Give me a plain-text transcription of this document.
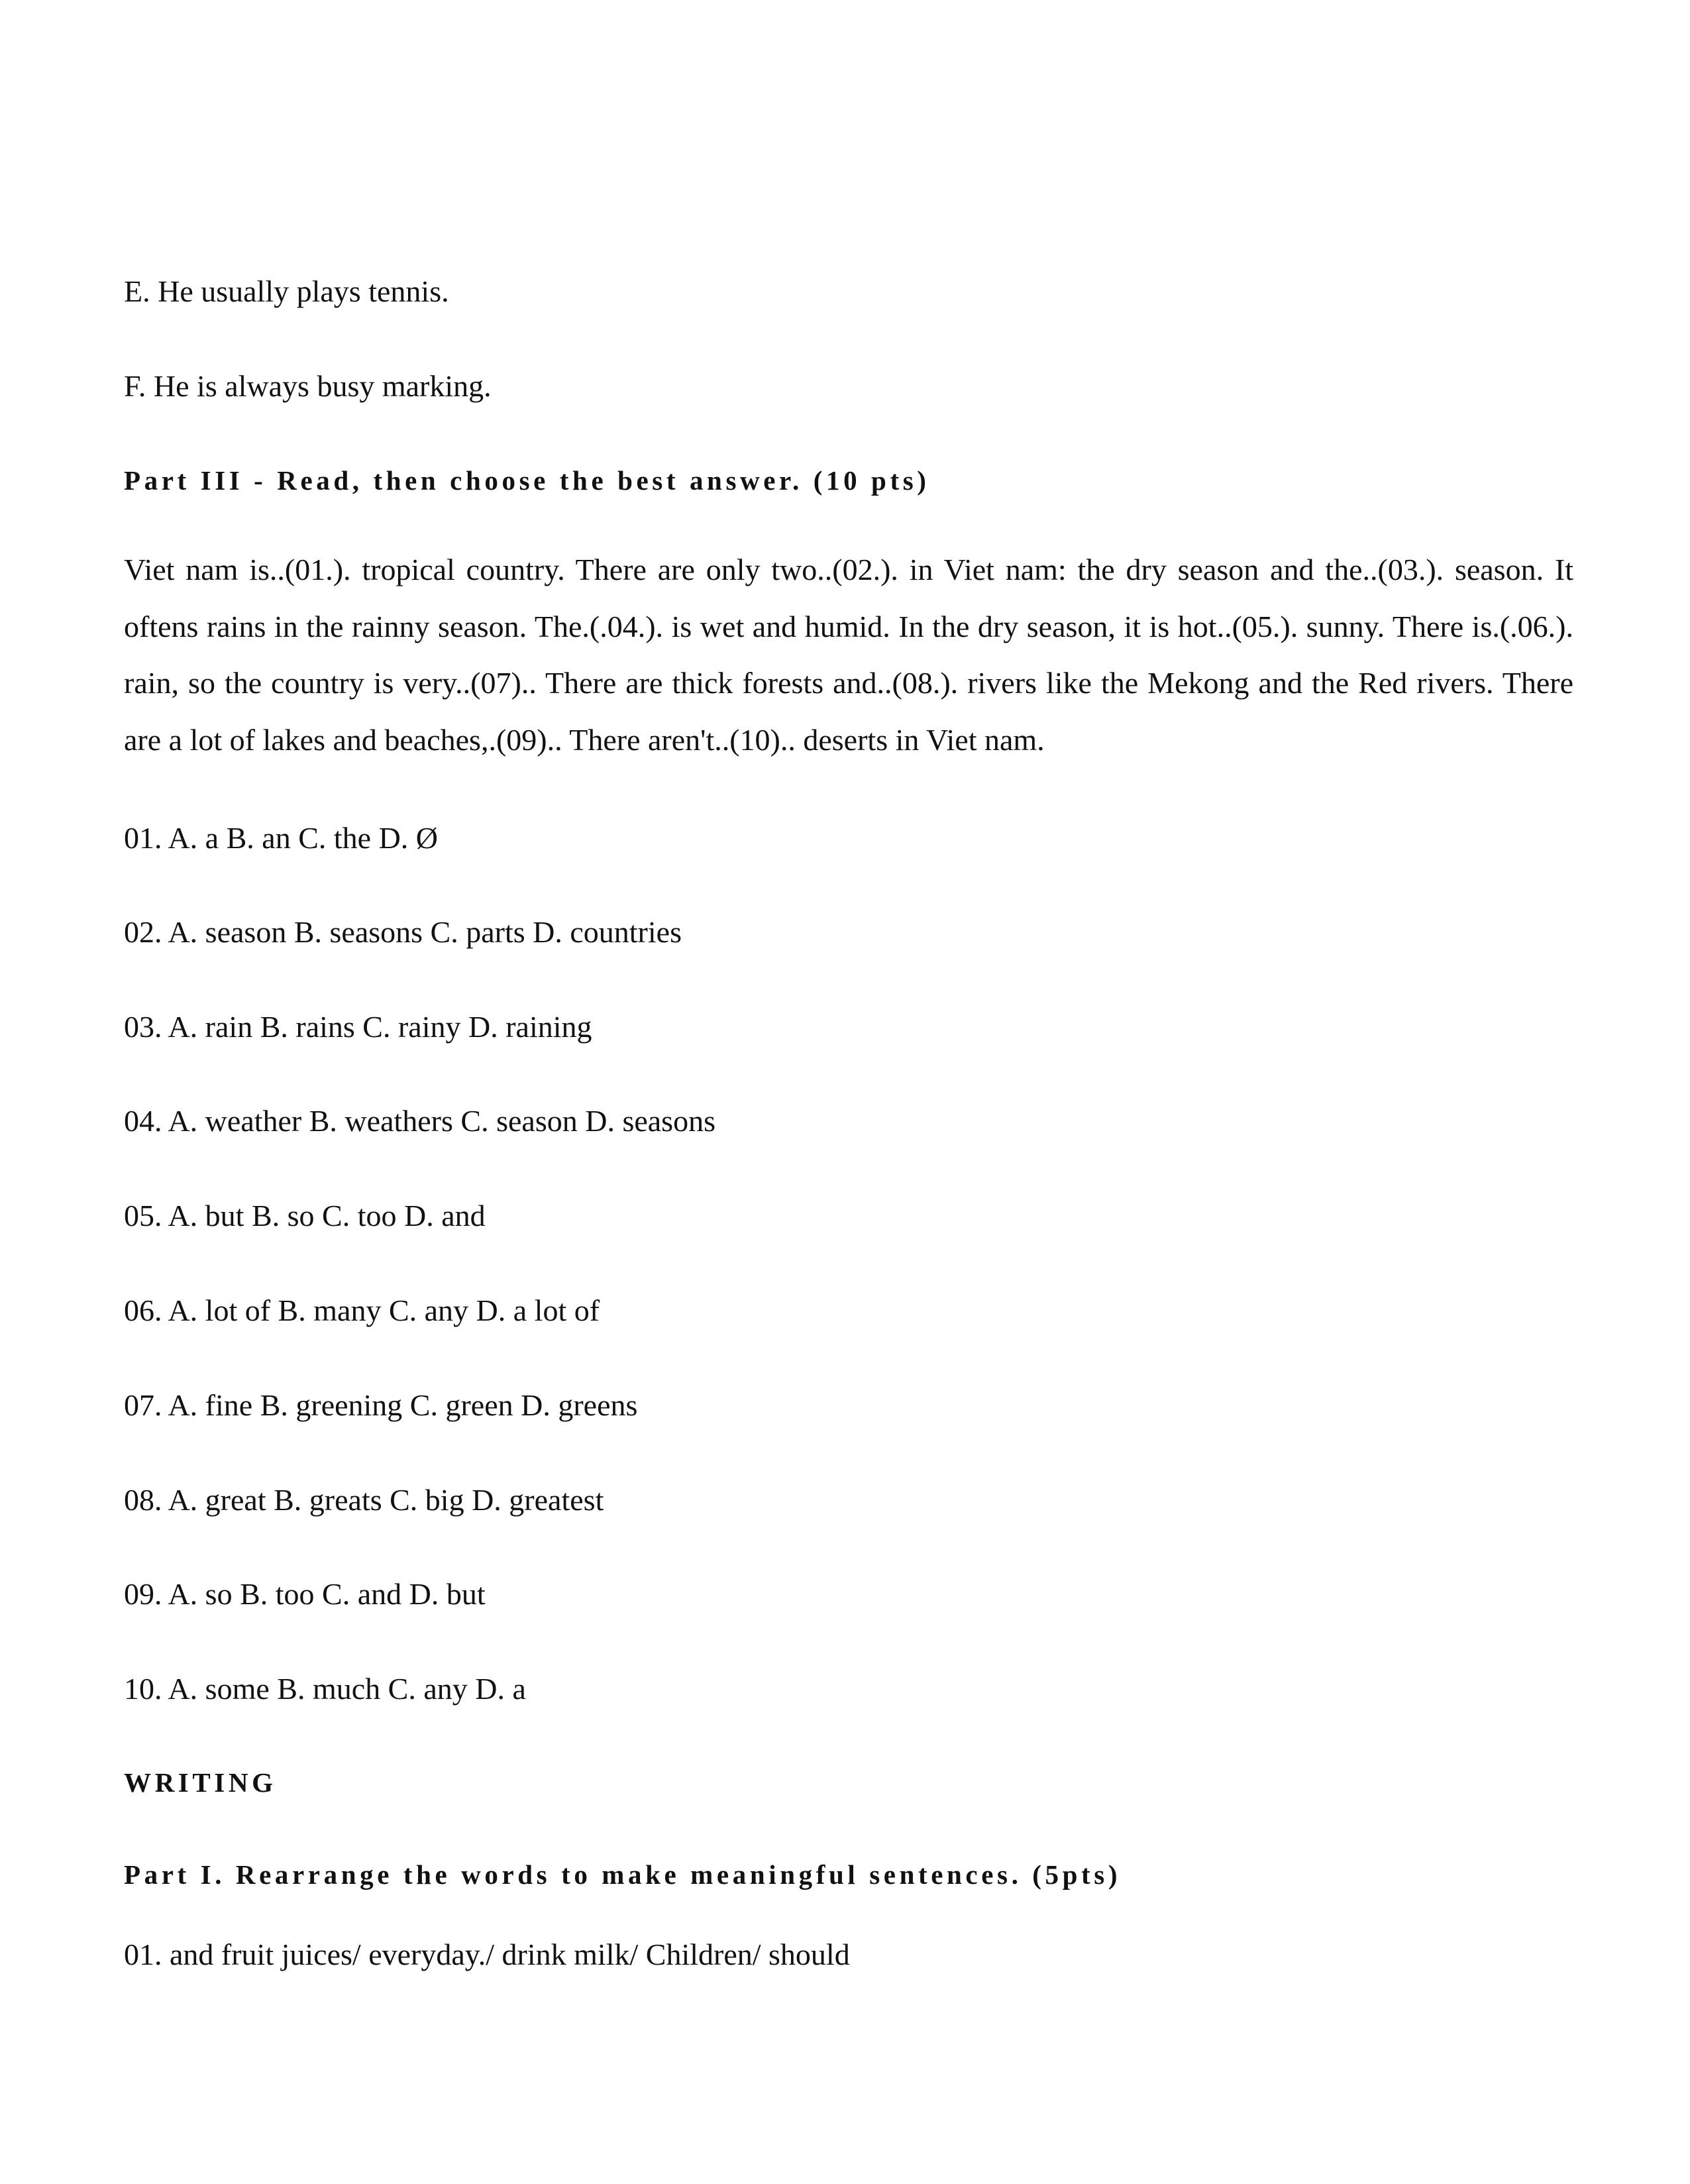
E. He usually plays tennis.
F. He is always busy marking.
Part III - Read, then choose the best answer. (10 pts)
Viet nam is..(01.). tropical country. There are only two..(02.). in Viet nam: the dry season and the..(03.). season. It oftens rains in the rainny season. The.(.04.). is wet and humid. In the dry season, it is hot..(05.). sunny. There is.(.06.). rain, so the country is very..(07).. There are thick forests and..(08.). rivers like the Mekong and the Red rivers. There are a lot of lakes and beaches,.(09).. There aren't..(10).. deserts in Viet nam.
01. A. a B. an C. the D. Ø
02. A. season B. seasons C. parts D. countries
03. A. rain B. rains C. rainy D. raining
04. A. weather B. weathers C. season D. seasons
05. A. but B. so C. too D. and
06. A. lot of B. many C. any D. a lot of
07. A. fine B. greening C. green D. greens
08. A. great B. greats C. big D. greatest
09. A. so B. too C. and D. but
10. A. some B. much C. any D. a
WRITING
Part I. Rearrange the words to make meaningful sentences. (5pts)
01. and fruit juices/ everyday./ drink milk/ Children/ should
